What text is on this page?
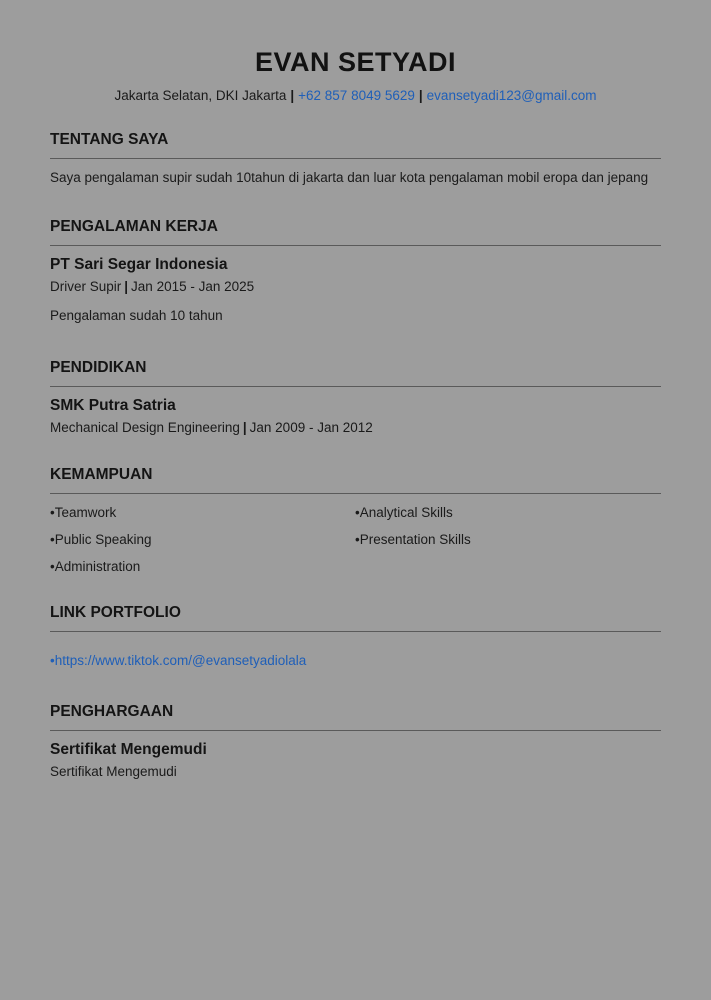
EVAN SETYADI
Jakarta Selatan, DKI Jakarta | +62 857 8049 5629 | evansetyadi123@gmail.com
TENTANG SAYA
Saya pengalaman supir sudah 10tahun di jakarta dan luar kota pengalaman mobil eropa dan jepang
PENGALAMAN KERJA
PT Sari Segar Indonesia
Driver Supir | Jan 2015 - Jan 2025
Pengalaman sudah 10 tahun
PENDIDIKAN
SMK Putra Satria
Mechanical Design Engineering | Jan 2009 - Jan 2012
KEMAMPUAN
• Teamwork	• Analytical Skills
• Public Speaking	• Presentation Skills
• Administration
LINK PORTFOLIO
• https://www.tiktok.com/@evansetyadiolala
PENGHARGAAN
Sertifikat Mengemudi
Sertifikat Mengemudi
